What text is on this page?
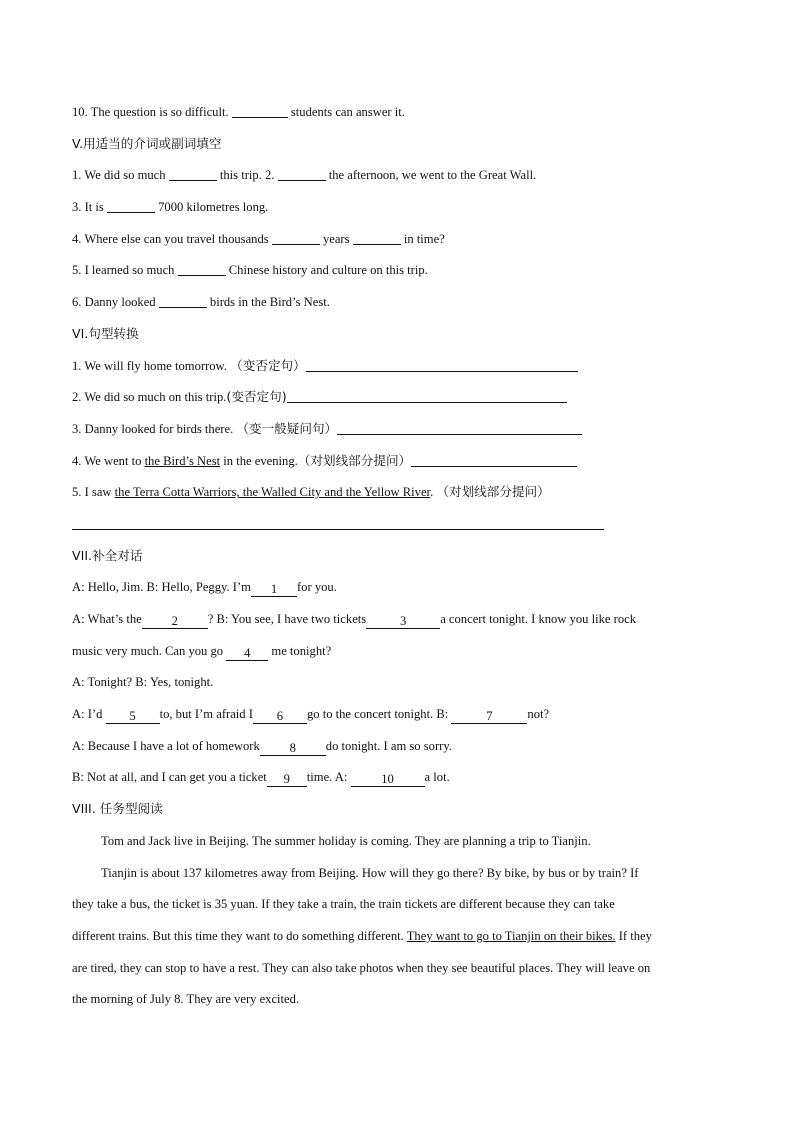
10. The question is so difficult.	students can answer it.
V.用适当的介词或副词填空
1. We did so much	this trip. 2.	the afternoon, we went to the Great Wall.
3. It is	7000 kilometres long.
4. Where else can you travel thousands	years	in time?
5. I learned so much	Chinese history and culture on this trip.
6. Danny looked	birds in the Bird’s Nest.
VI.句型转换
1. We will fly home tomorrow. （变否定句）
2. We did so much on this trip.(变否定句)
3. Danny looked for birds there. （变一般疑问句）
4. We went to the Bird’s Nest in the evening.（对划线部分提问）
5. I saw the Terra Cotta Warriors, the Walled City and the Yellow River. （对划线部分提问）
VII.补全对话
A: Hello, Jim. B: Hello, Peggy. I’m 1 for you.
A: What’s the 2 ? B: You see, I have two tickets	3	a concert tonight. I know you like rock
music very much. Can you go 4 me tonight?
A: Tonight? B: Yes, tonight.
A: I’d 5 to, but I’m afraid I 6 go to the concert tonight. B:	7	not?
A: Because I have a lot of homework 8 do tonight. I am so sorry.
B: Not at all, and I can get you a ticket 9 time. A: 10 a lot.
VIII. 任务型阅读
Tom and Jack live in Beijing. The summer holiday is coming. They are planning a trip to Tianjin.
Tianjin is about 137 kilometres away from Beijing. How will they go there? By bike, by bus or by train? If
they take a bus, the ticket is 35 yuan. If they take a train, the train tickets are different because they can take
different trains. But this time they want to do something different. They want to go to Tianjin on their bikes. If they
are tired, they can stop to have a rest. They can also take photos when they see beautiful places. They will leave on
the morning of July 8. They are very excited.
